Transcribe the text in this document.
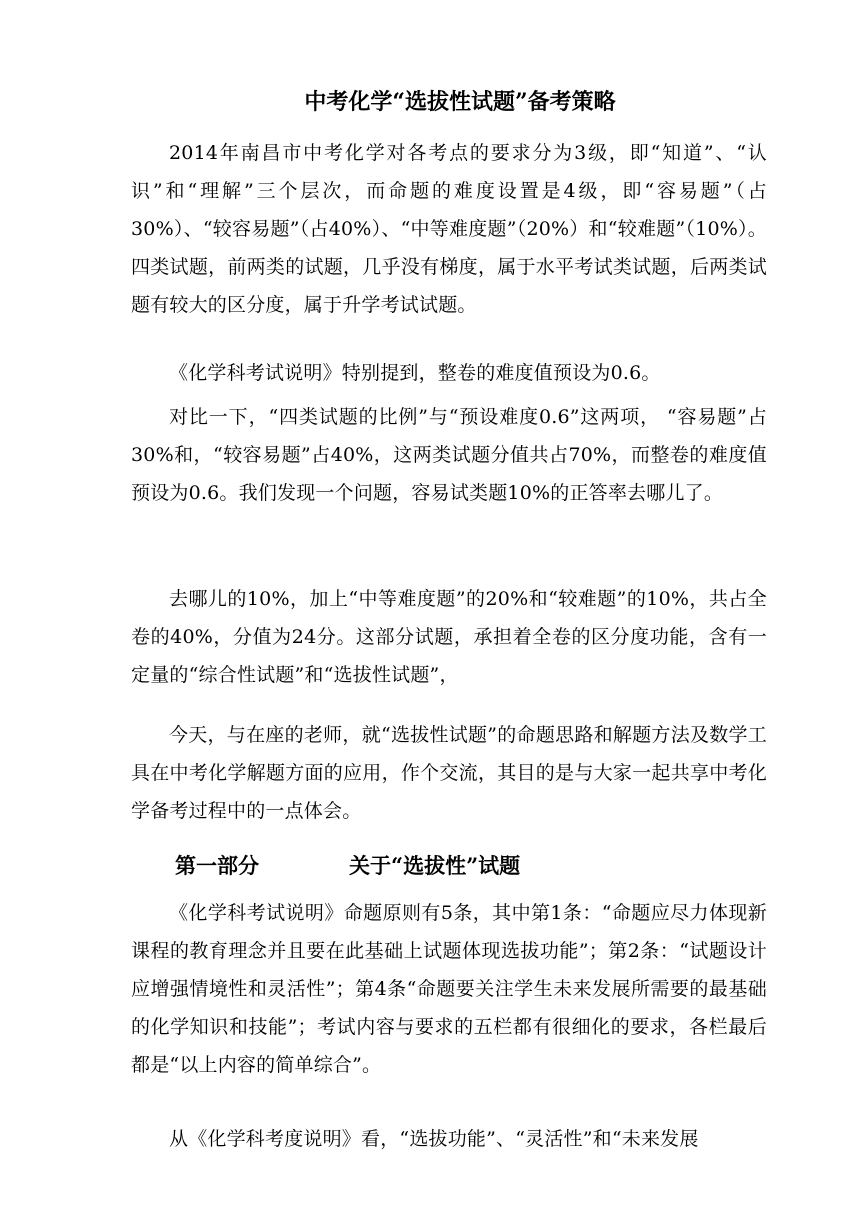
中考化学“选拔性试题”备考策略

2014年南昌市中考化学对各考点的要求分为3级，即“知道”、“认识”和“理解”三个层次，而命题的难度设置是4级，即“容易题”（占30%）、“较容易题”（占40%）、“中等难度题”（20%）和“较难题”（10%）。四类试题，前两类的试题，几乎没有梯度，属于水平考试类试题，后两类试题有较大的区分度，属于升学考试试题。

《化学科考试说明》特别提到，整卷的难度值预设为0.6。

对比一下，“四类试题的比例”与“预设难度0.6”这两项， “容易题”占30%和，“较容易题”占40%，这两类试题分值共占70%，而整卷的难度值预设为0.6。我们发现一个问题，容易试类题10%的正答率去哪儿了。

去哪儿的10%，加上“中等难度题”的20%和“较难题”的10%，共占全卷的40%，分值为24分。这部分试题，承担着全卷的区分度功能，含有一定量的“综合性试题”和“选拔性试题”，

今天，与在座的老师，就“选拔性试题”的命题思路和解题方法及数学工具在中考化学解题方面的应用，作个交流，其目的是与大家一起共享中考化学备考过程中的一点体会。

第一部分	关于“选拔性”试题

《化学科考试说明》命题原则有5条，其中第1条：“命题应尽力体现新课程的教育理念并且要在此基础上试题体现选拔功能”；第2条：“试题设计应增强情境性和灵活性”；第4条“命题要关注学生未来发展所需要的最基础的化学知识和技能”；考试内容与要求的五栏都有很细化的要求，各栏最后都是“以上内容的简单综合”。

从《化学科考度说明》看，“选拔功能”、“灵活性”和“未来发展
